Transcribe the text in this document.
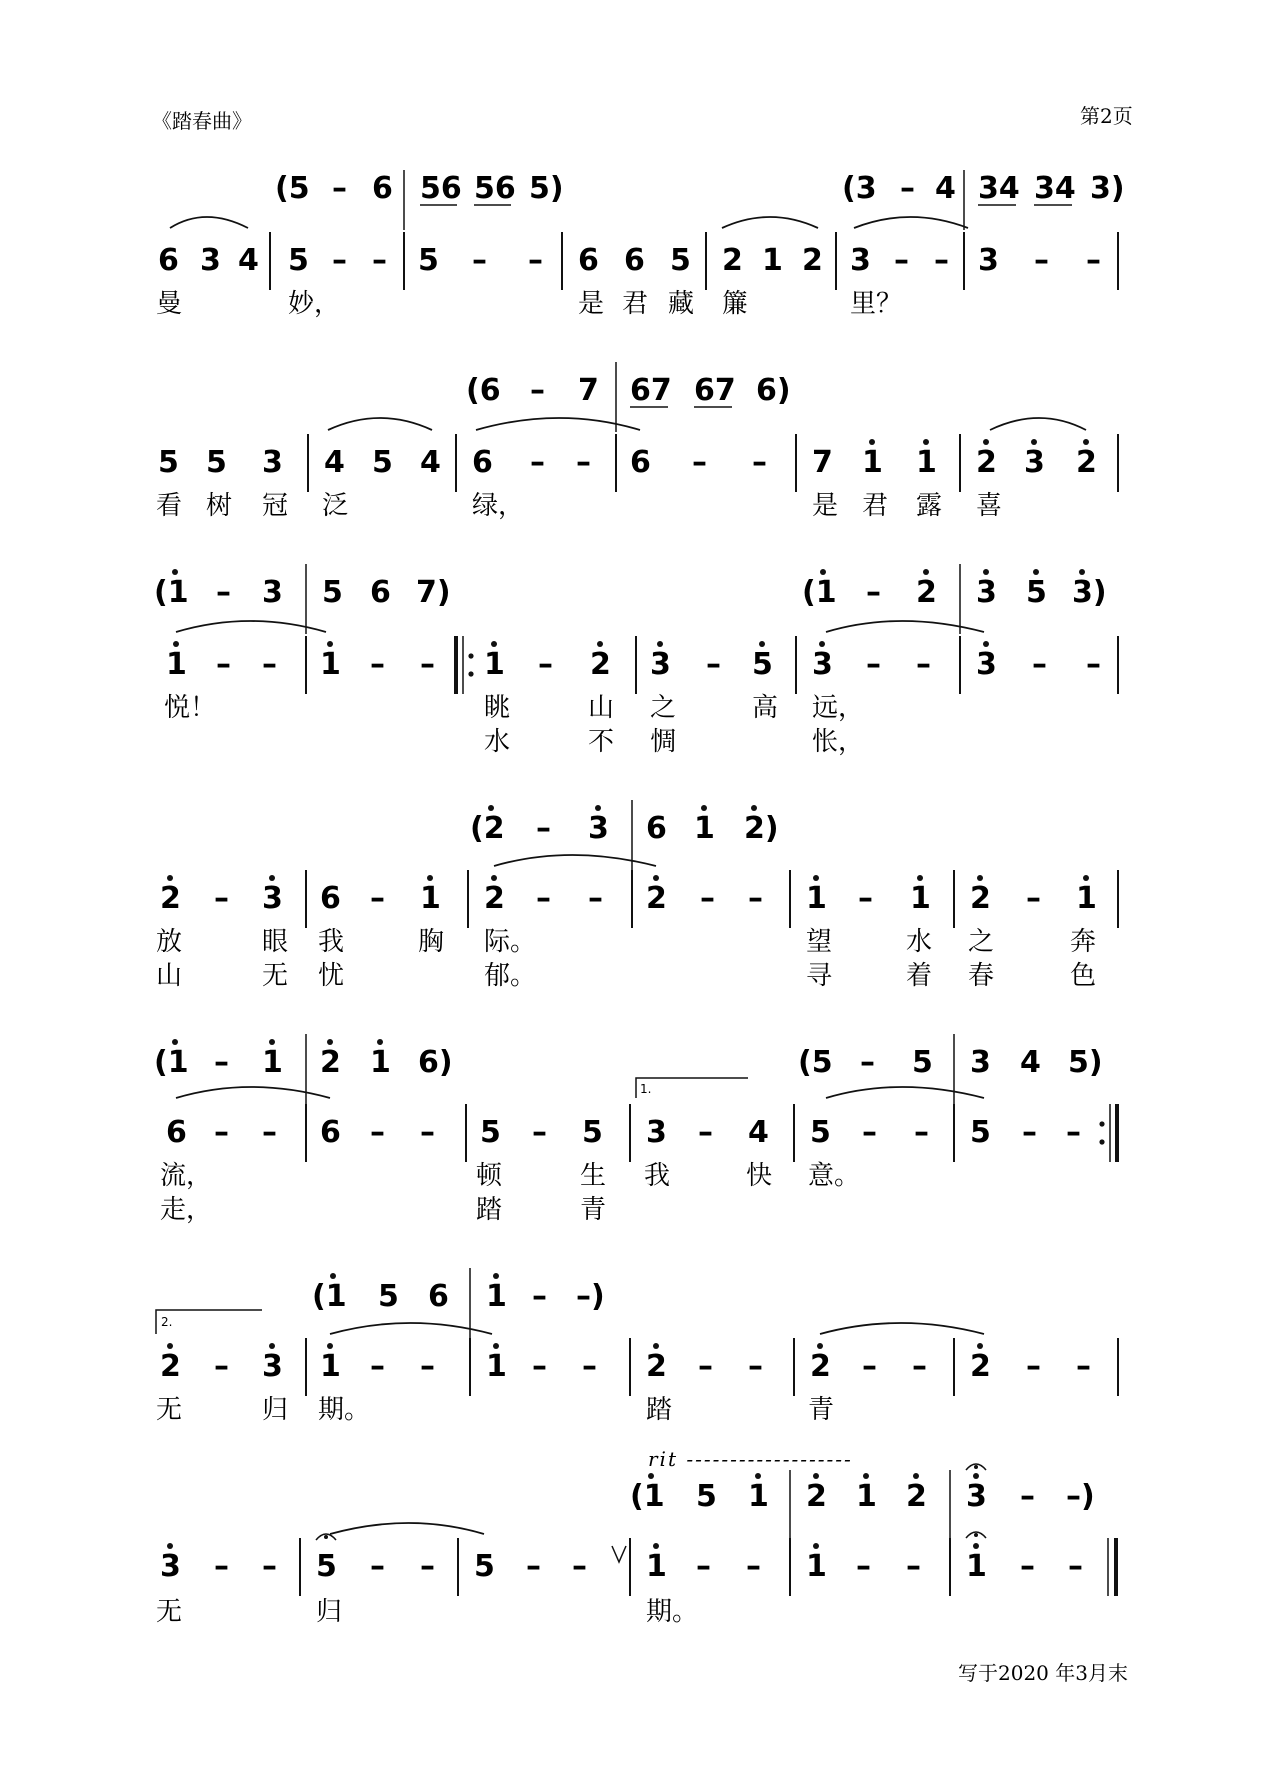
《踏春曲》	第2页
写于2020 年3月末
(5 – 6 56 56 5)	(3 – 4 34 34 3)
6 3 4 5 – – 5 – – 6 6 5 2 1 2 3 – – 3 – –
曼	妙，	是 君 藏 簾	里？
(6 – 7 67 67 6)
5 5 3 4 5 4 6 – – 6 – – 7 1 1 2 3 2
看 树 冠 泛	绿，	是 君 露 喜
(1 – 3 5 6 7)	(1 – 2 3 5 3)
1 – – 1 – – 1 – 2 3 – 5 3 – – 3 – –
悦！	眺	山 之	高 远，
水	不 惆	怅，
(2 – 3 6 1 2)
2 – 3 6 – 1 2 – – 2 – – 1 – 1 2 – 1
放	眼 我	胸 际。	望	水 之	奔
山	无 忧	郁。	寻	着 春	色
(1 – 1 2 1 6)	(5 – 5 3 4 5)
1.
6 – – 6 – – 5 – 5 3 – 4 5 – – 5 – –
流，	顿	生 我	快 意。
走，	踏	青
(1 5 6 1 – –)
2.
2 – 3 1 – – 1 – – 2 – – 2 – – 2 – –
无	归 期。	踏	青
rit -------------------
(1 5 1 2 1 2 3 – –)
3 – – 5 – – 5 – – 1 – – 1 – – 1 – –
无	归	期。
